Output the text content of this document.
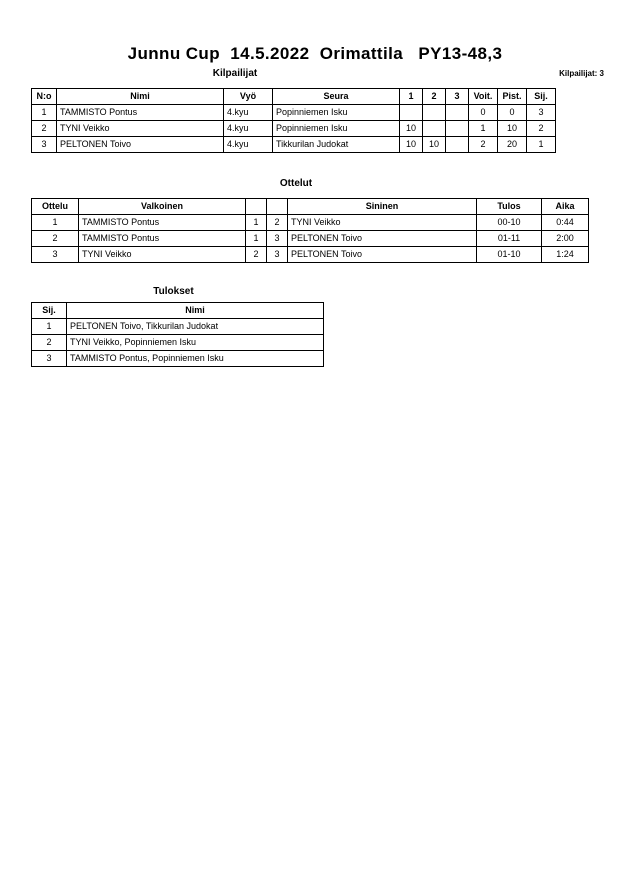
Junnu Cup  14.5.2022  Orimattila   PY13-48,3
Kilpailijat: 3
Kilpailijat
N:o	Nimi	Vyö	Seura	1	2	3	Voit.	Pist.	Sij.
1	TAMMISTO Pontus	4.kyu	Popinniemen Isku				0	0	3
2	TYNI Veikko	4.kyu	Popinniemen Isku	10			1	10	2
3	PELTONEN Toivo	4.kyu	Tikkurilan Judokat	10	10		2	20	1
Ottelut
Ottelu	Valkoinen			Sininen	Tulos	Aika
1	TAMMISTO Pontus	1	2	TYNI Veikko	00-10	0:44
2	TAMMISTO Pontus	1	3	PELTONEN Toivo	01-11	2:00
3	TYNI Veikko	2	3	PELTONEN Toivo	01-10	1:24
Tulokset
Sij.	Nimi
1	PELTONEN Toivo, Tikkurilan Judokat
2	TYNI Veikko, Popinniemen Isku
3	TAMMISTO Pontus, Popinniemen Isku
